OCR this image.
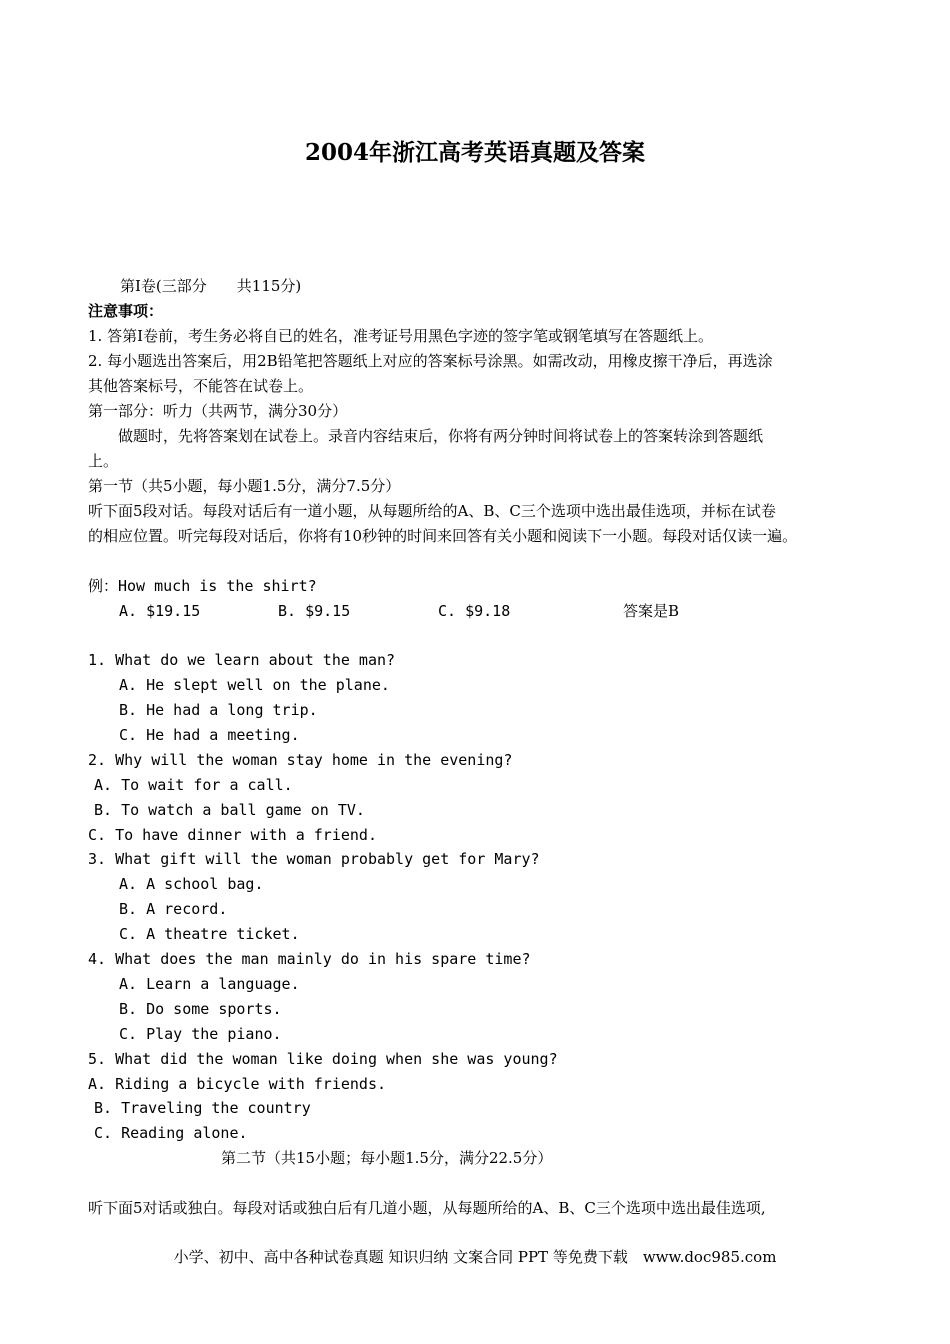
2004年浙江高考英语真题及答案
第Ⅰ卷(三部分　　共115分)
注意事项：
1. 答第Ⅰ卷前，考生务必将自已的姓名，准考证号用黑色字迹的签字笔或钢笔填写在答题纸上。
2. 每小题选出答案后，用2B铅笔把答题纸上对应的答案标号涂黑。如需改动，用橡皮擦干净后，再选涂
其他答案标号，不能答在试卷上。
第一部分：听力（共两节，满分30分）
　　做题时，先将答案划在试卷上。录音内容结束后，你将有两分钟时间将试卷上的答案转涂到答题纸
上。
第一节（共5小题，每小题1.5分，满分7.5分）
听下面5段对话。每段对话后有一道小题，从每题所给的A、B、C三个选项中选出最佳选项，并标在试卷
的相应位置。听完每段对话后，你将有10秒钟的时间来回答有关小题和阅读下一小题。每段对话仅读一遍。
例：How much is the shirt?
A. $19.15	B. $9.15	C. $9.18	答案是B
1. What do we learn about the man?
A. He slept well on the plane.
B. He had a long trip.
C. He had a meeting.
2. Why will the woman stay home in the evening?
A. To wait for a call.
B. To watch a ball game on TV.
C. To have dinner with a friend.
3. What gift will the woman probably get for Mary?
A. A school bag.
B. A record.
C. A theatre ticket.
4. What does the man mainly do in his spare time?
A. Learn a language.
B. Do some sports.
C. Play the piano.
5. What did the woman like doing when she was young?
A. Riding a bicycle with friends.
B. Traveling the country
C. Reading alone.
第二节（共15小题；每小题1.5分，满分22.5分）
听下面5对话或独白。每段对话或独白后有几道小题，从每题所给的A、B、C三个选项中选出最佳选项,
小学、初中、高中各种试卷真题 知识归纳 文案合同 PPT 等免费下载　www.doc985.com
